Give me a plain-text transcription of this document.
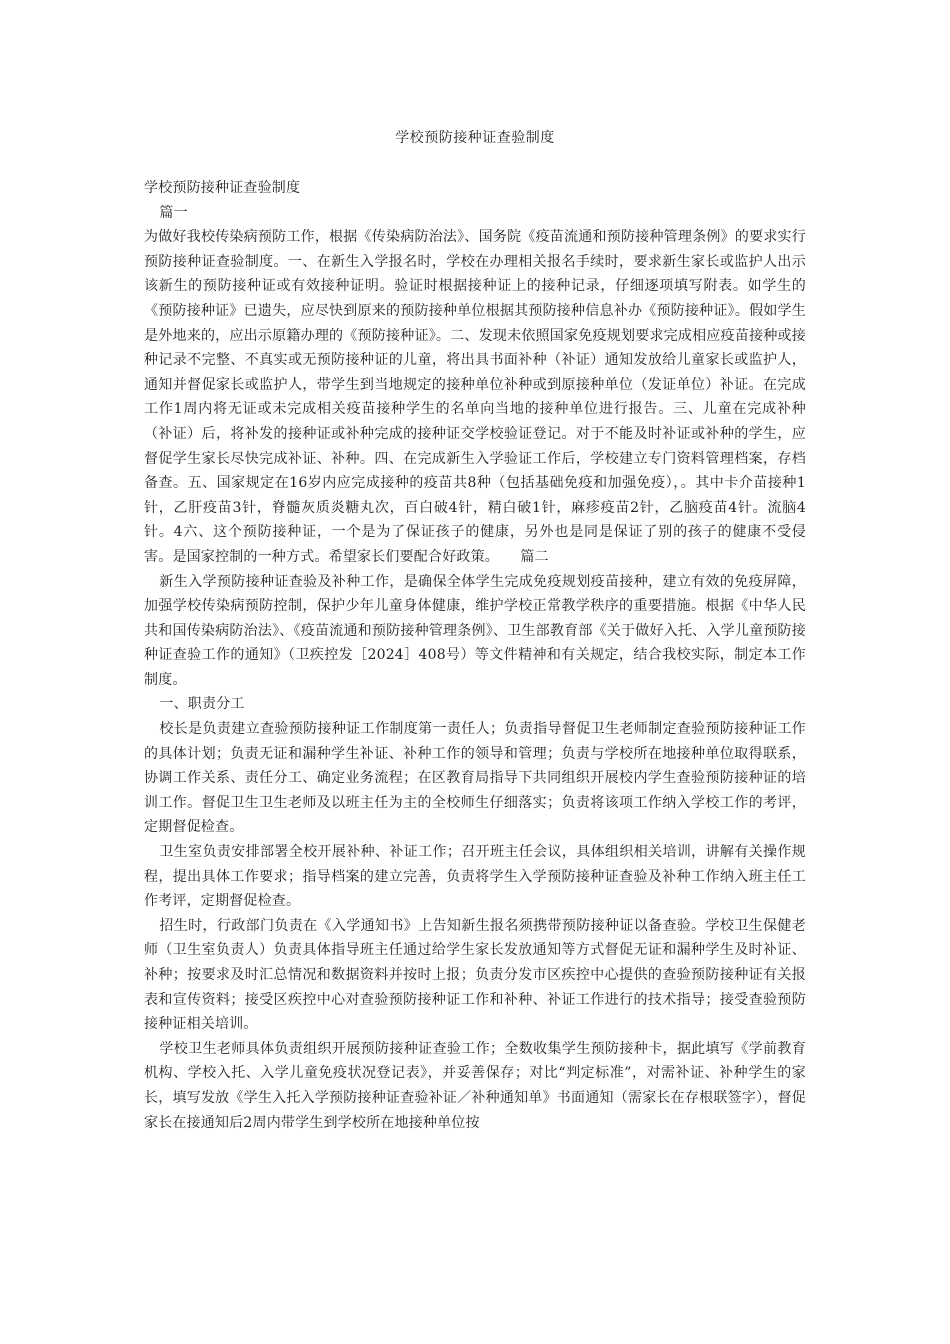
学校预防接种证查验制度

学校预防接种证查验制度

篇一

为做好我校传染病预防工作，根据《传染病防治法》、国务院《疫苗流通和预防接种管理条例》的要求实行预防接种证查验制度。一、在新生入学报名时，学校在办理相关报名手续时，要求新生家长或监护人出示该新生的预防接种证或有效接种证明。验证时根据接种证上的接种记录，仔细逐项填写附表。如学生的《预防接种证》已遗失，应尽快到原来的预防接种单位根据其预防接种信息补办《预防接种证》。假如学生是外地来的，应出示原籍办理的《预防接种证》。二、发现未依照国家免疫规划要求完成相应疫苗接种或接种记录不完整、不真实或无预防接种证的儿童，将出具书面补种（补证）通知发放给儿童家长或监护人，通知并督促家长或监护人，带学生到当地规定的接种单位补种或到原接种单位（发证单位）补证。在完成工作1周内将无证或未完成相关疫苗接种学生的名单向当地的接种单位进行报告。三、儿童在完成补种（补证）后，将补发的接种证或补种完成的接种证交学校验证登记。对于不能及时补证或补种的学生，应督促学生家长尽快完成补证、补种。四、在完成新生入学验证工作后，学校建立专门资料管理档案，存档备查。五、国家规定在16岁内应完成接种的疫苗共8种（包括基础免疫和加强免疫），。其中卡介苗接种1针，乙肝疫苗3针，脊髓灰质炎糖丸次，百白破4针，精白破1针，麻疹疫苗2针，乙脑疫苗4针。流脑4针。4六、这个预防接种证，一个是为了保证孩子的健康，另外也是同是保证了别的孩子的健康不受侵害。是国家控制的一种方式。希望家长们要配合好政策。　　 篇二

新生入学预防接种证查验及补种工作，是确保全体学生完成免疫规划疫苗接种，建立有效的免疫屏障，加强学校传染病预防控制，保护少年儿童身体健康，维护学校正常教学秩序的重要措施。根据《中华人民共和国传染病防治法》、《疫苗流通和预防接种管理条例》、卫生部教育部《关于做好入托、入学儿童预防接种证查验工作的通知》（卫疾控发［2024］408号）等文件精神和有关规定，结合我校实际，制定本工作制度。

一、职责分工

校长是负责建立查验预防接种证工作制度第一责任人；负责指导督促卫生老师制定查验预防接种证工作的具体计划；负责无证和漏种学生补证、补种工作的领导和管理；负责与学校所在地接种单位取得联系，协调工作关系、责任分工、确定业务流程；在区教育局指导下共同组织开展校内学生查验预防接种证的培训工作。督促卫生卫生老师及以班主任为主的全校师生仔细落实；负责将该项工作纳入学校工作的考评，定期督促检查。

卫生室负责安排部署全校开展补种、补证工作；召开班主任会议，具体组织相关培训，讲解有关操作规程，提出具体工作要求；指导档案的建立完善，负责将学生入学预防接种证查验及补种工作纳入班主任工作考评，定期督促检查。

招生时，行政部门负责在《入学通知书》上告知新生报名须携带预防接种证以备查验。学校卫生保健老师（卫生室负责人）负责具体指导班主任通过给学生家长发放通知等方式督促无证和漏种学生及时补证、补种；按要求及时汇总情况和数据资料并按时上报；负责分发市区疾控中心提供的查验预防接种证有关报表和宣传资料；接受区疾控中心对查验预防接种证工作和补种、补证工作进行的技术指导；接受查验预防接种证相关培训。

学校卫生老师具体负责组织开展预防接种证查验工作；全数收集学生预防接种卡，据此填写《学前教育机构、学校入托、入学儿童免疫状况登记表》，并妥善保存；对比“判定标准”，对需补证、补种学生的家长，填写发放《学生入托入学预防接种证查验补证／补种通知单》书面通知（需家长在存根联签字），督促家长在接通知后2周内带学生到学校所在地接种单位按
